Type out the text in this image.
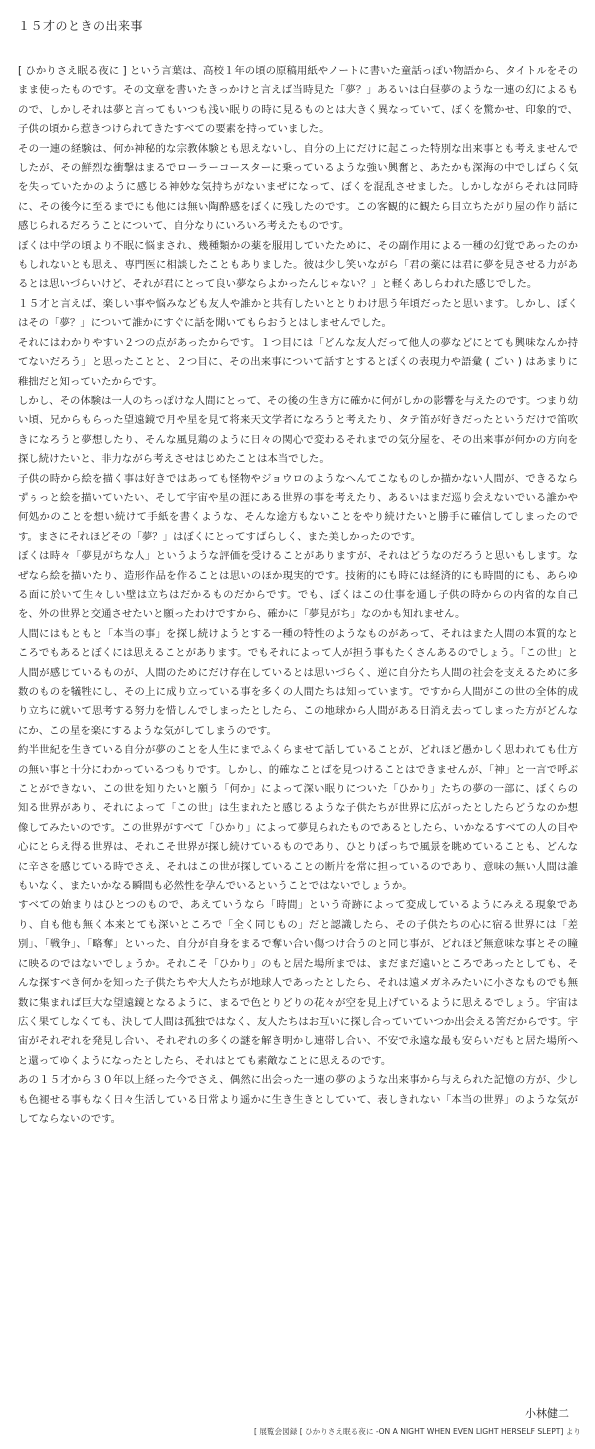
１５才のときの出来事

[ ひかりさえ眠る夜に ] という言葉は、高校１年の頃の原稿用紙やノートに書いた童話っぽい物語から、タイトルをそのまま使ったものです。その文章を書いたきっかけと言えば当時見た「夢？」あるいは白昼夢のような一連の幻によるもので、しかしそれは夢と言ってもいつも浅い眠りの時に見るものとは大きく異なっていて、ぼくを驚かせ、印象的で、子供の頃から惹きつけられてきたすべての要素を持っていました。

その一連の経験は、何か神秘的な宗教体験とも思えないし、自分の上にだけに起こった特別な出来事とも考えませんでしたが、その鮮烈な衝撃はまるでローラーコースターに乗っているような強い興奮と、あたかも深海の中でしばらく気を失っていたかのように感じる神妙な気持ちがないまぜになって、ぼくを混乱させました。しかしながらそれは同時に、その後今に至るまでにも他には無い陶酔感をぼくに残したのです。この客観的に観たら目立ちたがり屋の作り話に感じられるだろうことについて、自分なりにいろいろ考えたものです。

ぼくは中学の頃より不眠に悩まされ、幾種類かの薬を服用していたために、その副作用による一種の幻覚であったのかもしれないとも思え、専門医に相談したこともありました。彼は少し笑いながら「君の薬には君に夢を見させる力があるとは思いづらいけど、それが君にとって良い夢ならよかったんじゃない？」と軽くあしらわれた感じでした。

１５才と言えば、楽しい事や悩みなども友人や誰かと共有したいととりわけ思う年頃だったと思います。しかし、ぼくはその「夢？」について誰かにすぐに話を聞いてもらおうとはしませんでした。

それにはわかりやすい２つの点があったからです。１つ目には「どんな友人だって他人の夢などにとても興味なんか持てないだろう」と思ったことと、２つ目に、その出来事について話すとするとぼくの表現力や語彙 ( ごい ) はあまりに稚拙だと知っていたからです。

しかし、その体験は一人のちっぽけな人間にとって、その後の生き方に確かに何がしかの影響を与えたのです。つまり幼い頃、兄からもらった望遠鏡で月や星を見て将来天文学者になろうと考えたり、タテ笛が好きだったというだけで笛吹きになろうと夢想したり、そんな風見鶏のように日々の関心で変わるそれまでの気分屋を、その出来事が何かの方向を探し続けたいと、非力ながら考えさせはじめたことは本当でした。

子供の時から絵を描く事は好きではあっても怪物やジョウロのようなへんてこなものしか描かない人間が、できるならずぅっと絵を描いていたい、そして宇宙や星の涯にある世界の事を考えたり、あるいはまだ巡り会えないでいる誰かや何処かのことを想い続けて手紙を書くような、そんな途方もないことをやり続けたいと勝手に確信してしまったのです。まさにそれほどその「夢？」はぼくにとってすばらしく、また美しかったのです。

ぼくは時々「夢見がちな人」というような評価を受けることがありますが、それはどうなのだろうと思いもします。なぜなら絵を描いたり、造形作品を作ることは思いのほか現実的です。技術的にも時には経済的にも時間的にも、あらゆる面に於いて生々しい壁は立ちはだかるものだからです。でも、ぼくはこの仕事を通し子供の時からの内省的な自己を、外の世界と交通させたいと願ったわけですから、確かに「夢見がち」なのかも知れません。

人間にはもともと「本当の事」を探し続けようとする一種の特性のようなものがあって、それはまた人間の本質的なところでもあるとぼくには思えることがあります。でもそれによって人が担う事もたくさんあるのでしょう。「この世」と人間が感じているものが、人間のためにだけ存在しているとは思いづらく、逆に自分たち人間の社会を支えるために多数のものを犠牲にし、その上に成り立っている事を多くの人間たちは知っています。ですから人間がこの世の全体的成り立ちに就いて思考する努力を惜しんでしまったとしたら、この地球から人間がある日消え去ってしまった方がどんなにか、この星を楽にするような気がしてしまうのです。

約半世紀を生きている自分が夢のことを人生にまでふくらませて話していることが、どれほど愚かしく思われても仕方の無い事と十分にわかっているつもりです。しかし、的確なことばを見つけることはできませんが、「神」と一言で呼ぶことができない、この世を知りたいと願う「何か」によって深い眠りについた「ひかり」たちの夢の一部に、ぼくらの知る世界があり、それによって「この世」は生まれたと感じるような子供たちが世界に広がったとしたらどうなのか想像してみたいのです。この世界がすべて「ひかり」によって夢見られたものであるとしたら、いかなるすべての人の目や心にとらえ得る世界は、それこそ世界が探し続けているものであり、ひとりぼっちで風景を眺めていることも、どんなに辛さを感じている時でさえ、それはこの世が探していることの断片を常に担っているのであり、意味の無い人間は誰もいなく、またいかなる瞬間も必然性を孕んでいるということではないでしょうか。

すべての始まりはひとつのもので、あえていうなら「時間」という奇跡によって変成しているようにみえる現象であり、自も他も無く本来とても深いところで「全く同じもの」だと認識したら、その子供たちの心に宿る世界には「差別」、「戦争」、「略奪」といった、自分が自身をまるで奪い合い傷つけ合うのと同じ事が、どれほど無意味な事とその瞳に映るのではないでしょうか。それこそ「ひかり」のもと居た場所までは、まだまだ遠いところであったとしても、そんな探すべき何かを知った子供たちや大人たちが地球人であったとしたら、それは遠メガネみたいに小さなものでも無数に集まれば巨大な望遠鏡となるように、まるで色とりどりの花々が空を見上げているように思えるでしょう。宇宙は広く果てしなくても、決して人間は孤独ではなく、友人たちはお互いに探し合っていていつか出会える筈だからです。宇宙がそれぞれを発見し合い、それぞれの多くの謎を解き明かし連帯し合い、不安で永遠な最も安らいだもと居た場所へと還ってゆくようになったとしたら、それはとても素敵なことに思えるのです。

あの１５才から３０年以上経った今でさえ、偶然に出会った一連の夢のような出来事から与えられた記憶の方が、少しも色褪せる事もなく日々生活している日常より遥かに生き生きとしていて、表しきれない「本当の世界」のような気がしてならないのです。

小林健二
[ 展覧会図録 [ ひかりさえ眠る夜に -ON A NIGHT WHEN EVEN LIGHT HERSELF SLEPT] より
